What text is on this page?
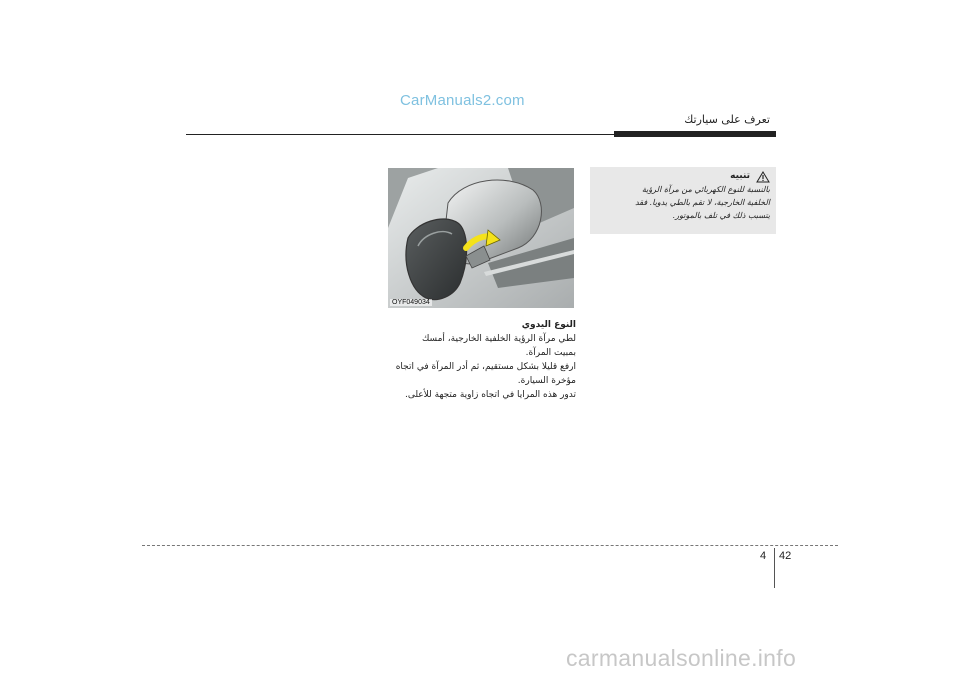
CarManuals2.com
تعرف على سيارتك
OYF049034

النوع اليدوي

لطي مرآة الرؤية الخلفية الخارجية، أمسك

بمبيت المرآة.

ارفع قليلا بشكل مستقيم، ثم أدر المرآة في اتجاه

مؤخرة السيارة.

تدور هذه المرايا في اتجاه زاوية متجهة للأعلى.

تنبيه

بالنسبة للنوع الكهربائي من مرآة الرؤية

الخلفية الخارجية، لا تقم بالطي يدويا. فقد

يتسبب ذلك في تلف بالموتور.

4 42
carmanualsonline.info
